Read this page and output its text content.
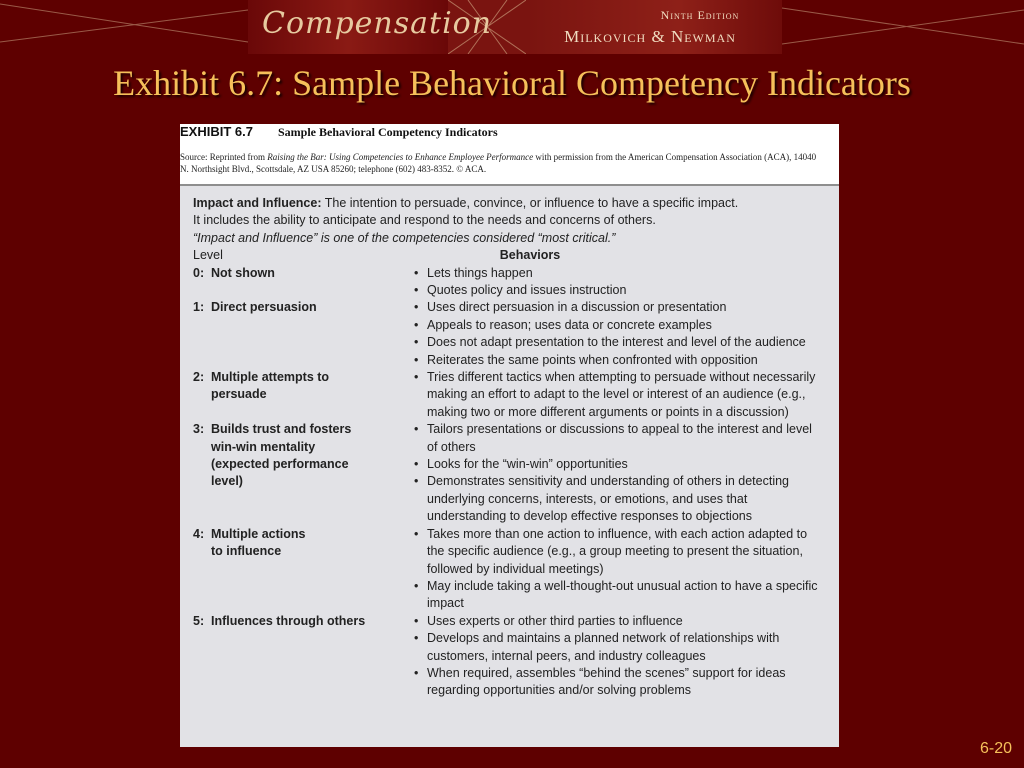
Compensation	Ninth Edition
Milkovich & Newman
Exhibit 6.7: Sample Behavioral Competency Indicators
EXHIBIT 6.7 Sample Behavioral Competency Indicators
Source: Reprinted from Raising the Bar: Using Competencies to Enhance Employee Performance with permission from the American Compensation Association (ACA), 14040 N. Northsight Blvd., Scottsdale, AZ USA 85260; telephone (602) 483-8352. © ACA.

Impact and Influence: The intention to persuade, convince, or influence to have a specific impact.

It includes the ability to anticipate and respond to the needs and concerns of others.

“Impact and Influence” is one of the competencies considered “most critical.”

Level	Behaviors
0: Not shown	• Lets things happen
• Quotes policy and issues instruction
1: Direct persuasion	• Uses direct persuasion in a discussion or presentation
• Appeals to reason; uses data or concrete examples
• Does not adapt presentation to the interest and level of the audience
• Reiterates the same points when confronted with opposition
2: Multiple attempts to
persuade
• Tries different tactics when attempting to persuade without necessarily making an effort to adapt to the level or interest of an audience (e.g., making two or more different arguments or points in a discussion)
3: Builds trust and fosters
win-win mentality
(expected performance
level)
• Tailors presentations or discussions to appeal to the interest and level of others
• Looks for the “win-win” opportunities
• Demonstrates sensitivity and understanding of others in detecting underlying concerns, interests, or emotions, and uses that understanding to develop effective responses to objections
4: Multiple actions
to influence
• Takes more than one action to influence, with each action adapted to the specific audience (e.g., a group meeting to present the situation, followed by individual meetings)
• May include taking a well-thought-out unusual action to have a specific impact
5: Influences through others	• Uses experts or other third parties to influence
• Develops and maintains a planned network of relationships with customers, internal peers, and industry colleagues
• When required, assembles “behind the scenes” support for ideas regarding opportunities and/or solving problems
6-20
